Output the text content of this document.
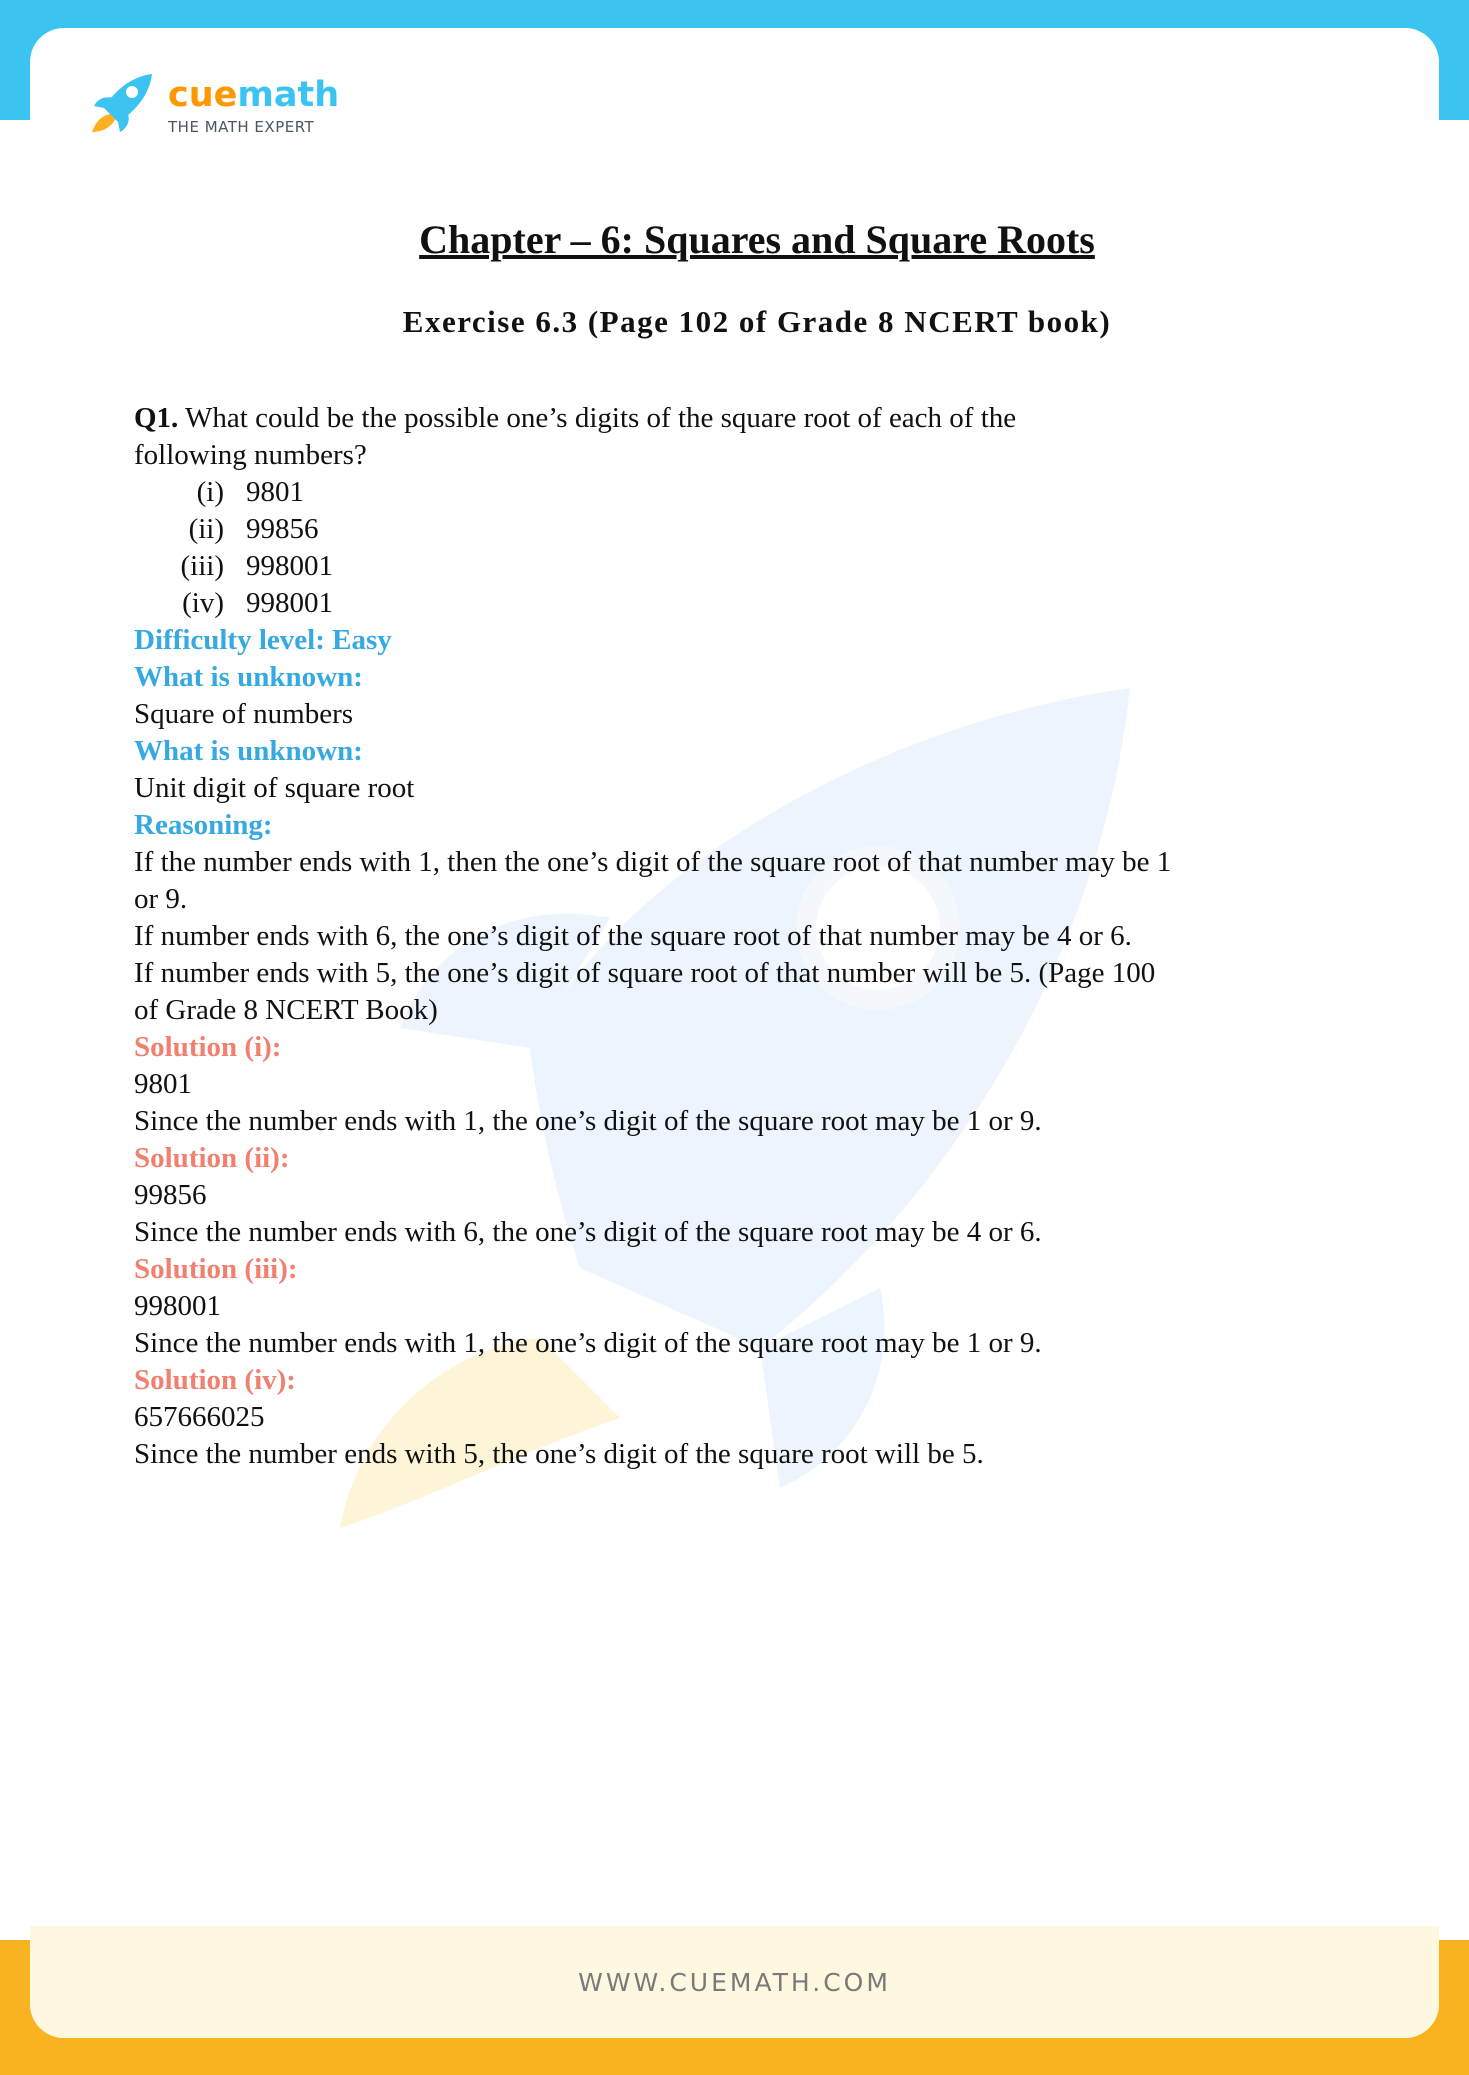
WWW.CUEMATH.COM
cuemath
THE MATH EXPERT
Chapter – 6: Squares and Square Roots
Exercise 6.3 (Page 102 of Grade 8 NCERT book)

Q1. What could be the possible one’s digits of the square root of each of the

following numbers?

(i) 9801
(ii) 99856
(iii) 998001
(iv) 998001

Difficulty level: Easy

What is unknown:

Square of numbers

What is unknown:

Unit digit of square root

Reasoning:

If the number ends with 1, then the one’s digit of the square root of that number may be 1

or 9.

If number ends with 6, the one’s digit of the square root of that number may be 4 or 6.

If number ends with 5, the one’s digit of square root of that number will be 5. (Page 100

of Grade 8 NCERT Book)

Solution (i):

9801

Since the number ends with 1, the one’s digit of the square root may be 1 or 9.

Solution (ii):

99856

Since the number ends with 6, the one’s digit of the square root may be 4 or 6.

Solution (iii):

998001

Since the number ends with 1, the one’s digit of the square root may be 1 or 9.

Solution (iv):

657666025

Since the number ends with 5, the one’s digit of the square root will be 5.
